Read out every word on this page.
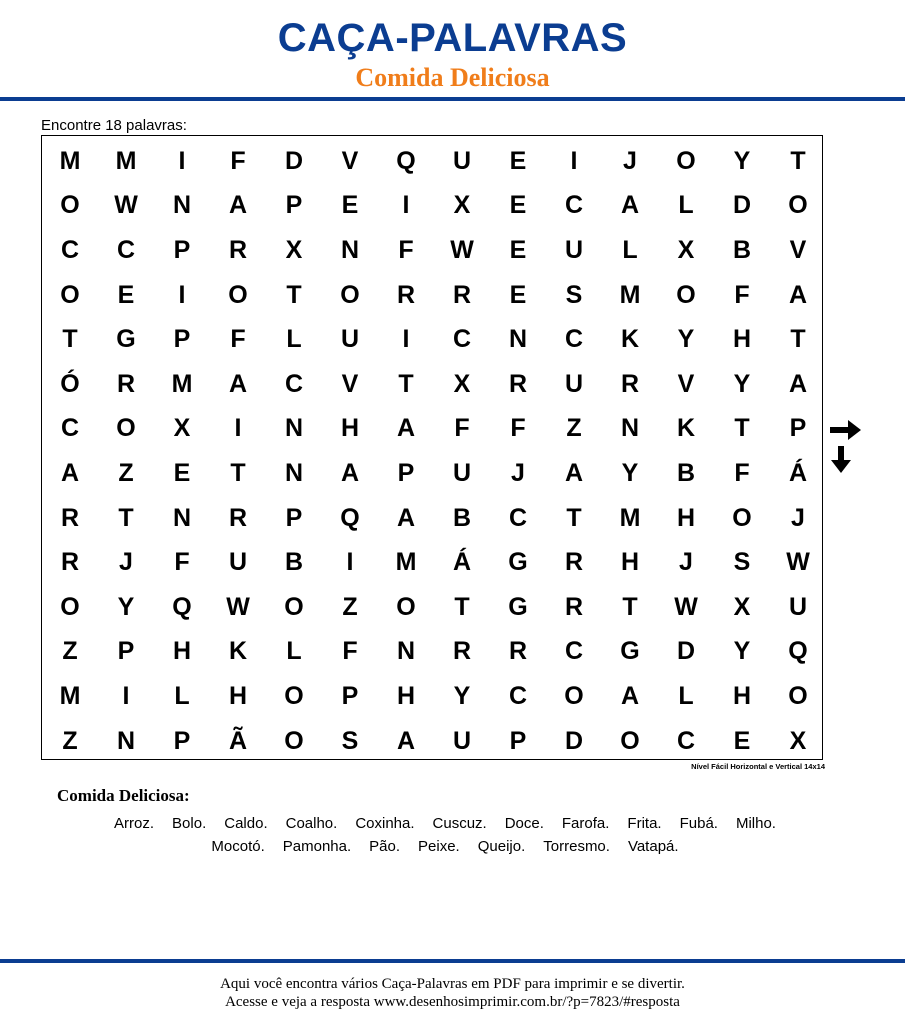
CAÇA-PALAVRAS
Comida Deliciosa
Encontre 18 palavras:
M	M	I	F	D	V	Q	U	E	I	J	O	Y	T
O	W	N	A	P	E	I	X	E	C	A	L	D	O
C	C	P	R	X	N	F	W	E	U	L	X	B	V
O	E	I	O	T	O	R	R	E	S	M	O	F	A
T	G	P	F	L	U	I	C	N	C	K	Y	H	T
Ó	R	M	A	C	V	T	X	R	U	R	V	Y	A
C	O	X	I	N	H	A	F	F	Z	N	K	T	P
A	Z	E	T	N	A	P	U	J	A	Y	B	F	Á
R	T	N	R	P	Q	A	B	C	T	M	H	O	J
R	J	F	U	B	I	M	Á	G	R	H	J	S	W
O	Y	Q	W	O	Z	O	T	G	R	T	W	X	U
Z	P	H	K	L	F	N	R	R	C	G	D	Y	Q
M	I	L	H	O	P	H	Y	C	O	A	L	H	O
Z	N	P	Ã	O	S	A	U	P	D	O	C	E	X
Nível Fácil Horizontal e Vertical 14x14
Comida Deliciosa:
Arroz. Bolo. Caldo. Coalho. Coxinha. Cuscuz. Doce. Farofa. Frita. Fubá. Milho.
Mocotó. Pamonha. Pão. Peixe. Queijo. Torresmo. Vatapá.
Aqui você encontra vários Caça-Palavras em PDF para imprimir e se divertir.
Acesse e veja a resposta www.desenhosimprimir.com.br/?p=7823/#resposta
